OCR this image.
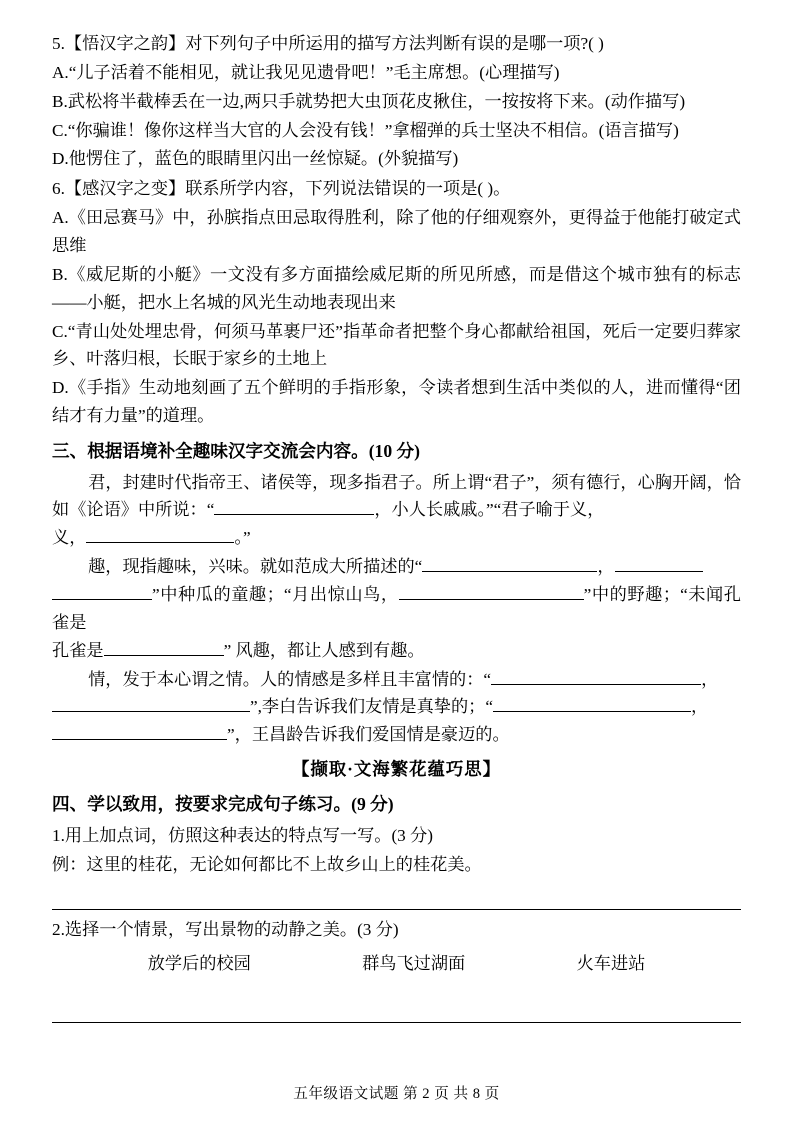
5.【悟汉字之韵】对下列句子中所运用的描写方法判断有误的是哪一项?( )
A.“儿子活着不能相见，就让我见见遗骨吧！”毛主席想。(心理描写)
B.武松将半截棒丢在一边,两只手就势把大虫顶花皮揪住，一按按将下来。(动作描写)
C.“你骗谁！像你这样当大官的人会没有钱！”拿榴弹的兵士坚决不相信。(语言描写)
D.他愣住了，蓝色的眼睛里闪出一丝惊疑。(外貌描写)
6.【感汉字之变】联系所学内容，下列说法错误的一项是( )。
A.《田忌赛马》中，孙膑指点田忌取得胜利，除了他的仔细观察外，更得益于他能打破定式思维
B.《威尼斯的小艇》一文没有多方面描绘威尼斯的所见所感，而是借这个城市独有的标志——小艇，把水上名城的风光生动地表现出来
C.“青山处处埋忠骨，何须马革裹尸还”指革命者把整个身心都献给祖国，死后一定要归葬家乡、叶落归根，长眠于家乡的土地上
D.《手指》生动地刻画了五个鲜明的手指形象，令读者想到生活中类似的人，进而懂得“团结才有力量”的道理。
三、根据语境补全趣味汉字交流会内容。(10 分)
君，封建时代指帝王、诸侯等，现多指君子。所上谓“君子”，须有德行，心胸开阔，恰如《论语》中所说：“	，小人长戚戚。”“君子喻于义，
义，	。”
趣，现指趣味，兴味。就如范成大所描述的“	，
”中种瓜的童趣；“月出惊山鸟，	”中的野趣；“未闻孔雀是
孔雀是	” 风趣，都让人感到有趣。
情，发于本心谓之情。人的情感是多样且丰富情的：“	，
”,李白告诉我们友情是真挚的；“	，
”，王昌龄告诉我们爱国情是豪迈的。
【撷取·文海繁花蕴巧思】
四、学以致用，按要求完成句子练习。(9 分)
1.用上加点词，仿照这种表达的特点写一写。(3 分)
例：这里的桂花，无论如何都比不上故乡山上的桂花美。
2.选择一个情景，写出景物的动静之美。(3 分)
放学后的校园	群鸟飞过湖面	火车进站
五年级语文试题 第 2 页 共 8 页
